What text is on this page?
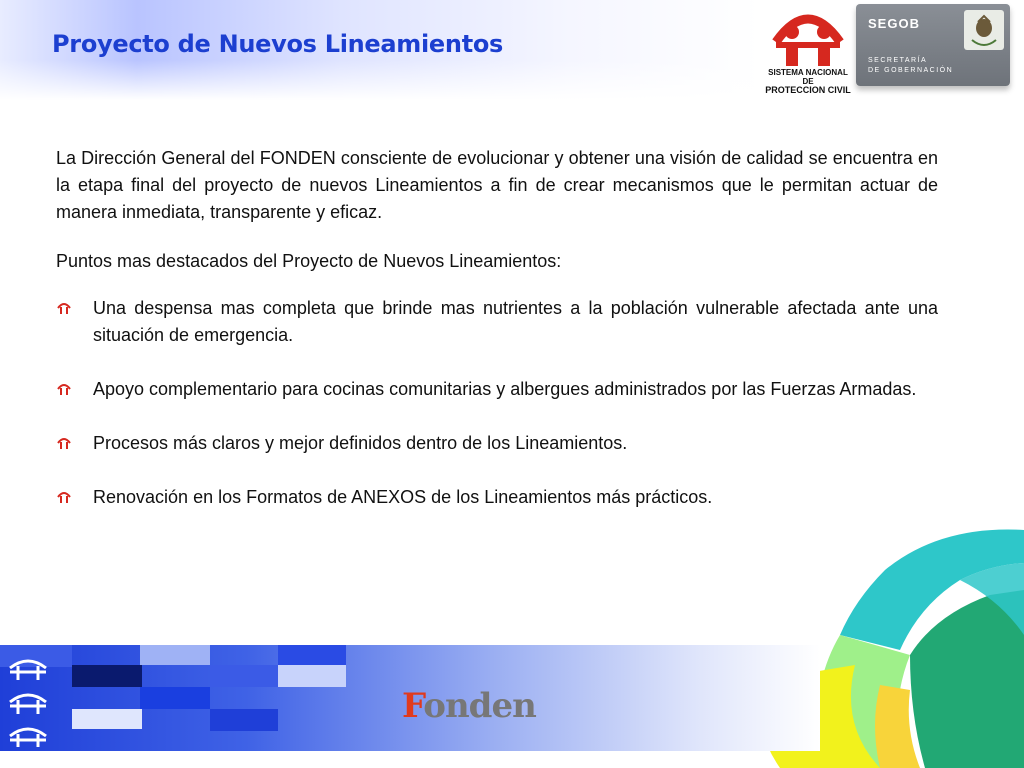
Proyecto de Nuevos Lineamientos
SISTEMA NACIONAL DE
PROTECCION CIVIL
SEGOB
SECRETARÍA
DE GOBERNACIÓN

La Dirección General del FONDEN consciente de evolucionar y obtener una visión de calidad se encuentra en la etapa final del proyecto de nuevos Lineamientos a fin de crear mecanismos que le permitan actuar de manera inmediata, transparente y eficaz.

Puntos mas destacados del Proyecto de Nuevos Lineamientos:

Una despensa mas completa que brinde mas nutrientes a la población vulnerable afectada ante una situación de emergencia.
Apoyo complementario para cocinas comunitarias y albergues administrados por las Fuerzas Armadas.
Procesos más claros y mejor definidos dentro de los Lineamientos.
Renovación en los Formatos de ANEXOS de los Lineamientos más prácticos.
Fonden
